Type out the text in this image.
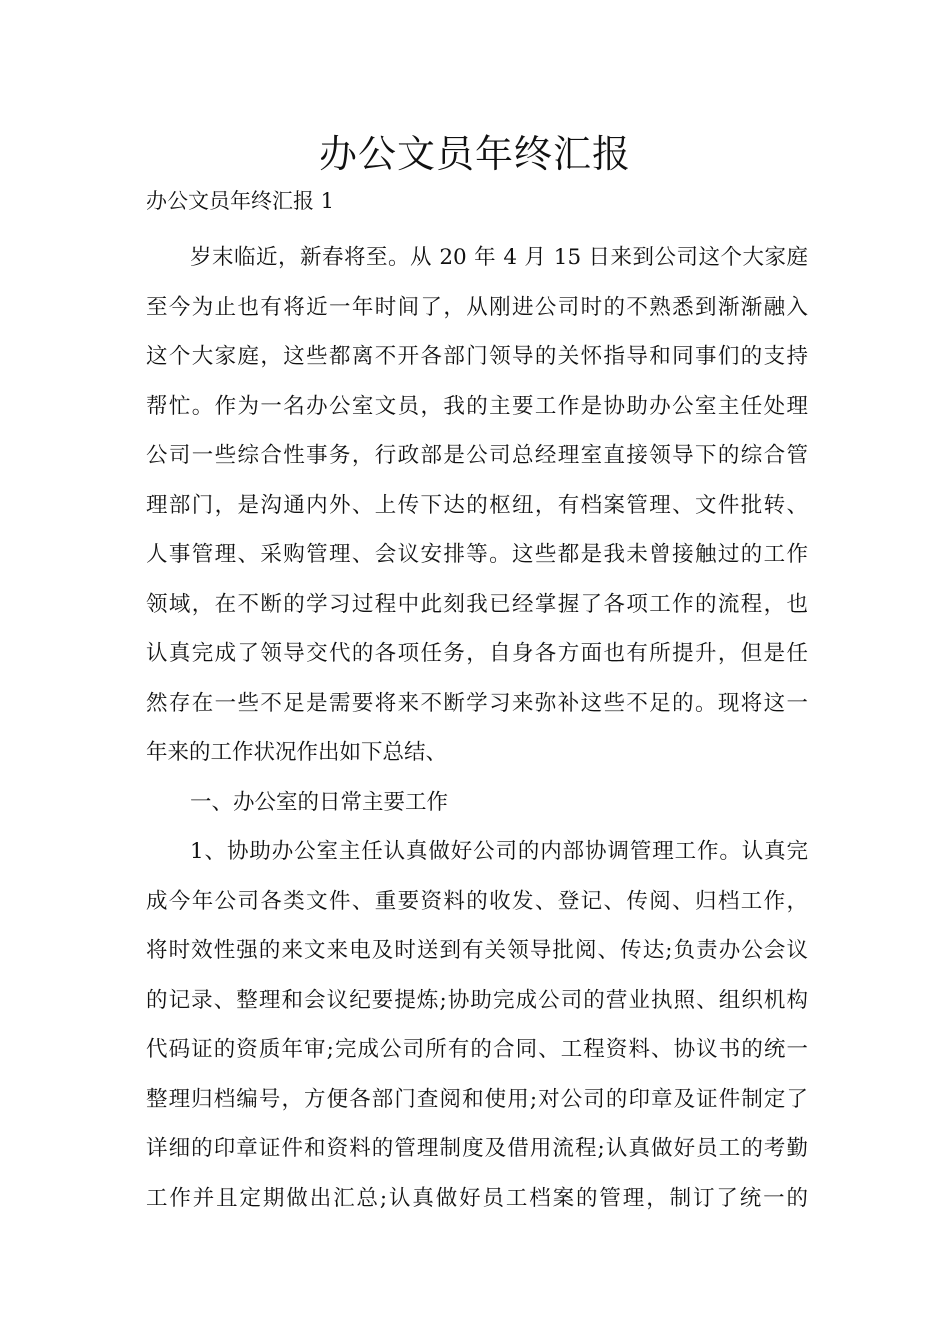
办公文员年终汇报
办公文员年终汇报 1
岁末临近，新春将至。从 20 年 4 月 15 日来到公司这个大家庭
至今为止也有将近一年时间了，从刚进公司时的不熟悉到渐渐融入
这个大家庭，这些都离不开各部门领导的关怀指导和同事们的支持
帮忙。作为一名办公室文员，我的主要工作是协助办公室主任处理
公司一些综合性事务，行政部是公司总经理室直接领导下的综合管
理部门，是沟通内外、上传下达的枢纽，有档案管理、文件批转、
人事管理、采购管理、会议安排等。这些都是我未曾接触过的工作
领域，在不断的学习过程中此刻我已经掌握了各项工作的流程，也
认真完成了领导交代的各项任务，自身各方面也有所提升，但是任
然存在一些不足是需要将来不断学习来弥补这些不足的。现将这一
年来的工作状况作出如下总结、
一、办公室的日常主要工作
1、协助办公室主任认真做好公司的内部协调管理工作。认真完
成今年公司各类文件、重要资料的收发、登记、传阅、归档工作，
将时效性强的来文来电及时送到有关领导批阅、传达;负责办公会议
的记录、整理和会议纪要提炼;协助完成公司的营业执照、组织机构
代码证的资质年审;完成公司所有的合同、工程资料、协议书的统一
整理归档编号，方便各部门查阅和使用;对公司的印章及证件制定了
详细的印章证件和资料的管理制度及借用流程;认真做好员工的考勤
工作并且定期做出汇总;认真做好员工档案的管理，制订了统一的
